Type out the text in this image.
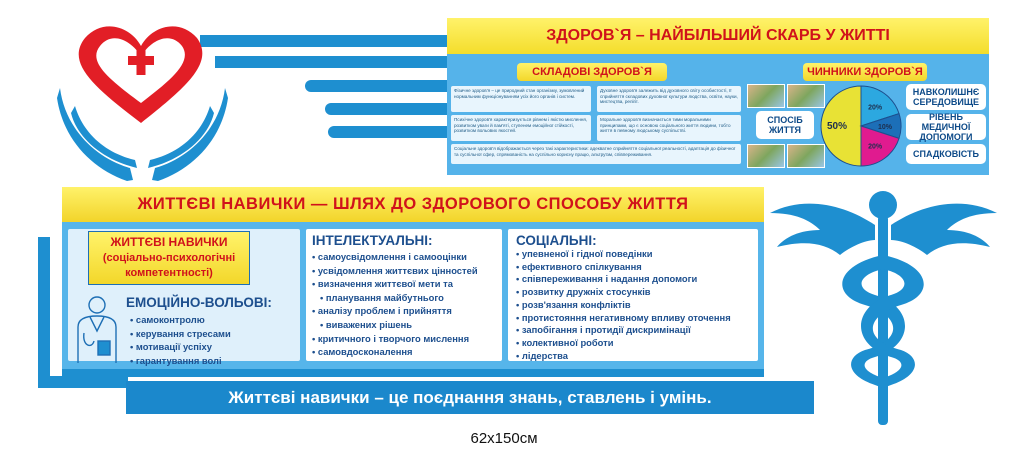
ЗДОРОВ`Я – НАЙБІЛЬШИЙ СКАРБ У ЖИТТІ
СКЛАДОВІ ЗДОРОВ`Я	ЧИННИКИ ЗДОРОВ`Я
Фізичне здоров'я – це природний стан організму, зумовлений нормальним функціонуванням усіх його органів і систем.
Духовне здоров'я залежить від духовного світу особистості, її сприйняття складових духовної культури людства, освіти, науки, мистецтва, релігії.
Психічне здоров'я характеризується рівнем і якістю мислення, розвитком уваги й пам'яті, ступенем емоційної стійкості, розвитком вольових якостей.
Моральне здоров'я визначається тими моральними принципами, що є основою соціального життя людини, тобто життя в певному людському суспільстві.
Соціальне здоров'я відображається через такі характеристики: адекватне сприйняття соціальної реальності, адаптація до фізичної та суспільної сфер, спрямованість на суспільно корисну працю, альтруїзм, співпереживання.
СПОСІБ ЖИТТЯ	50%
20%
10%
20%
НАВКОЛИШНЄ СЕРЕДОВИЩЕ
РІВЕНЬ МЕДИЧНОЇ ДОПОМОГИ
СПАДКОВІСТЬ
ЖИТТЄВІ НАВИЧКИ — ШЛЯХ ДО ЗДОРОВОГО СПОСОБУ ЖИТТЯ
ЖИТТЄВІ НАВИЧКИ
(соціально-психологічні
компетентності)
ЕМОЦІЙНО-ВОЛЬОВІ:
• самоконтролю
• керування стресами
• мотивації успіху
• гарантування волі
ІНТЕЛЕКТУАЛЬНІ:
• самоусвідомлення і самооцінки
• усвідомлення життєвих цінностей
• визначення життєвої мети та
• планування майбутнього
• аналізу проблем і прийняття
• виважених рішень
• критичного і творчого мислення
• самовдосконалення
СОЦІАЛЬНІ:
• упевненої і гідної поведінки
• ефективного спілкування
• співпереживання і надання допомоги
• розвитку дружніх стосунків
• розв'язання конфліктів
• протистояння негативному впливу оточення
• запобігання і протидії дискримінації
• колективної роботи
• лідерства
Життєві навички – це поєднання знань, ставлень і умінь.
62х150см
